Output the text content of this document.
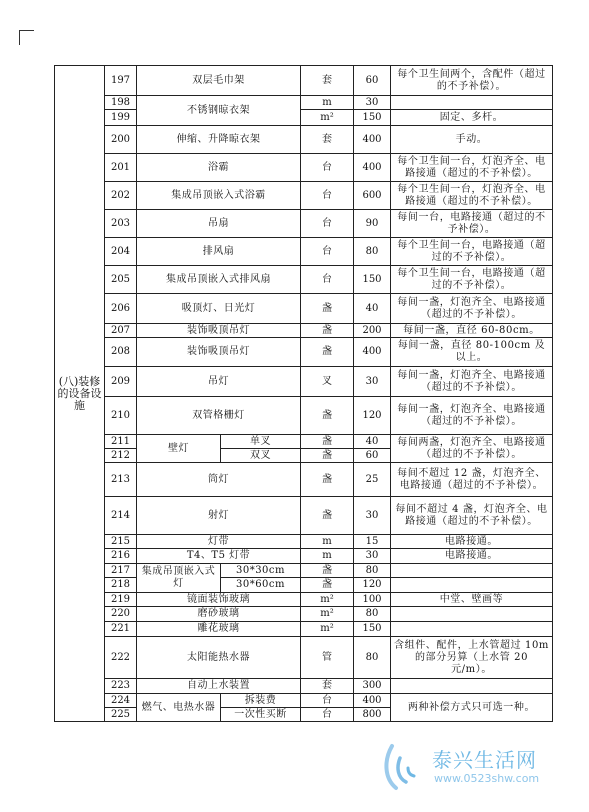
(八)装修的设备设施	197	双层毛巾架		套	60	每个卫生间两个，含配件（超过的不予补偿）。
	198	不锈钢晾衣架		m	30	
	199			m²	150	固定、多杆。
	200	伸缩、升降晾衣架		套	400	手动。
	201	浴霸		台	400	每个卫生间一台，灯泡齐全、电路接通（超过的不予补偿）。
	202	集成吊顶嵌入式浴霸		台	600	每个卫生间一台，灯泡齐全、电路接通（超过的不予补偿）。
	203	吊扇		台	90	每间一台，电路接通（超过的不予补偿）。
	204	排风扇		台	80	每个卫生间一台，电路接通（超过的不予补偿）。
	205	集成吊顶嵌入式排风扇		台	150	每个卫生间一台，电路接通（超过的不予补偿）。
	206	吸顶灯、日光灯		盏	40	每间一盏，灯泡齐全、电路接通（超过的不予补偿）。
	207	装饰吸顶吊灯		盏	200	每间一盏，直径 60-80cm。
	208	装饰吸顶吊灯		盏	400	每间一盏，直径 80-100cm 及以上。
	209	吊灯		叉	30	每间一盏，灯泡齐全、电路接通（超过的不予补偿）。
	210	双管格栅灯		盏	120	每间一盏，灯泡齐全、电路接通（超过的不予补偿）。
	211	壁灯	单叉	盏	40	每间两盏，灯泡齐全、电路接通（超过的不予补偿）。
	212		双叉	盏	60	
	213	筒灯		盏	25	每间不超过 12 盏，灯泡齐全、电路接通（超过的不予补偿）。
	214	射灯		盏	30	每间不超过 4 盏，灯泡齐全、电路接通（超过的不予补偿）。
	215	灯带		m	15	电路接通。
	216	T4、T5 灯带		m	30	电路接通。
	217	集成吊顶嵌入式灯	30*30cm	盏	80	
	218		30*60cm	盏	120	
	219	镜面装饰玻璃		m²	100	中堂、壁画等
	220	磨砂玻璃		m²	80	
	221	雕花玻璃		m²	150	
	222	太阳能热水器		管	80	含组件、配件，上水管超过 10m 的部分另算（上水管 20 元/m）。
	223	自动上水装置		套	300	
	224	燃气、电热水器	拆装费	台	400	两种补偿方式只可选一种。
	225		一次性买断	台	800	
泰兴生活网
www.0523shw.com
